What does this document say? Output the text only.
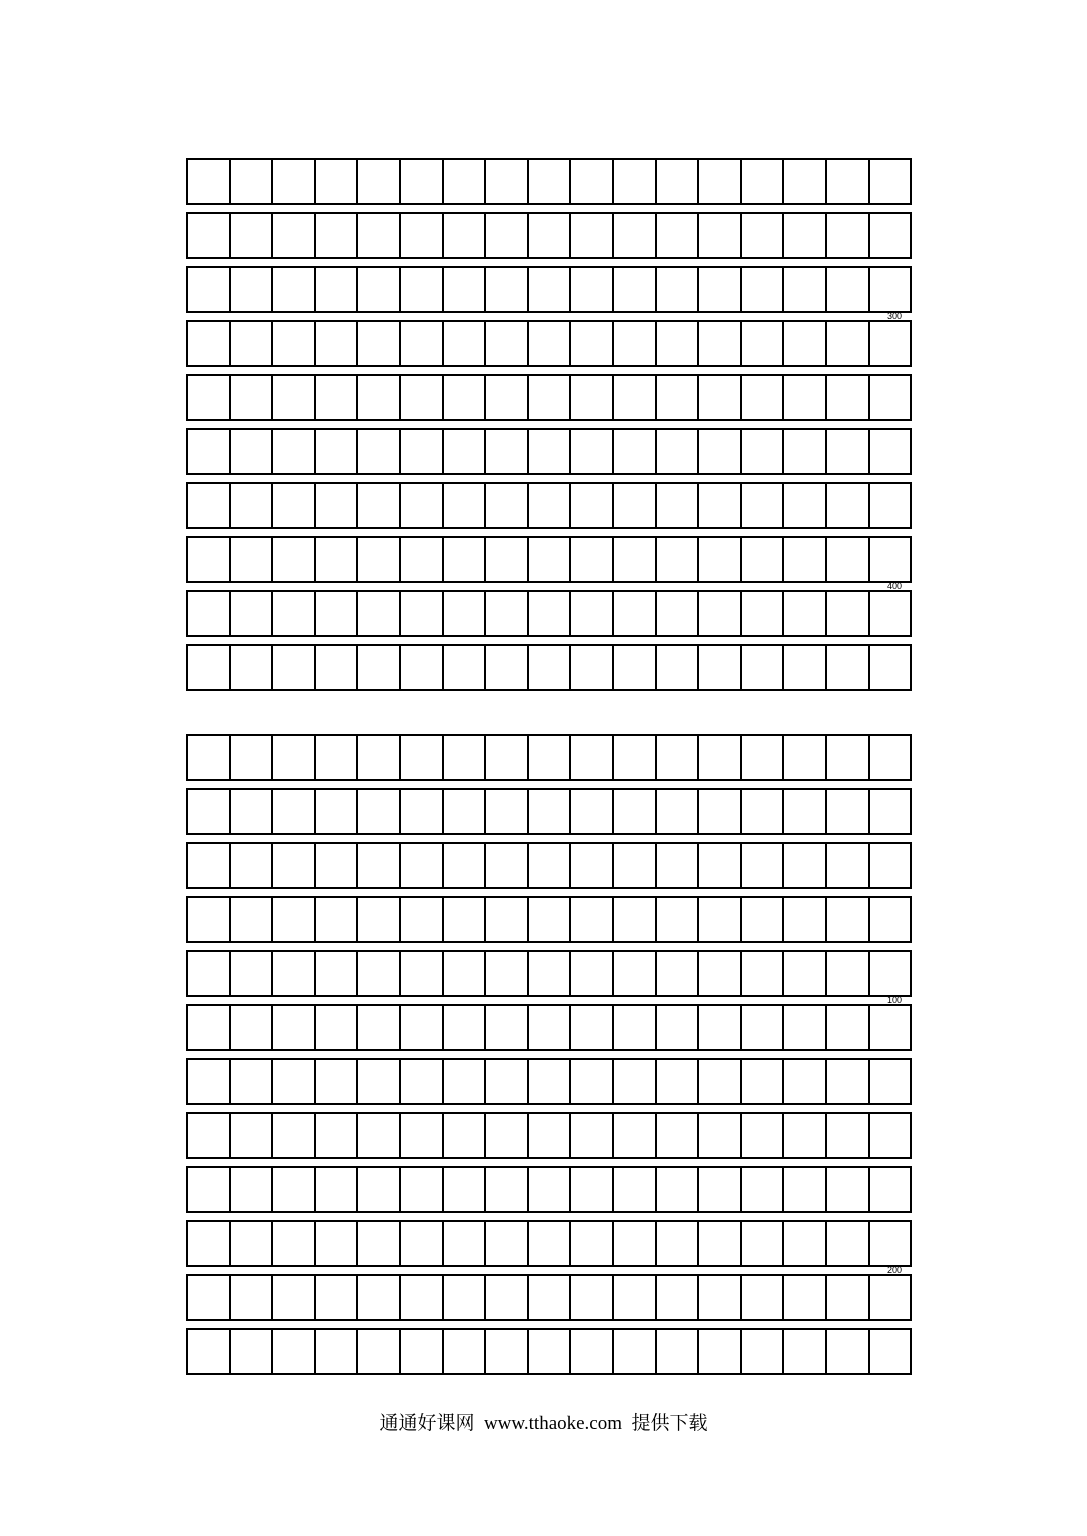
300
400
100
200
通通好课网 www.tthaoke.com 提供下载
